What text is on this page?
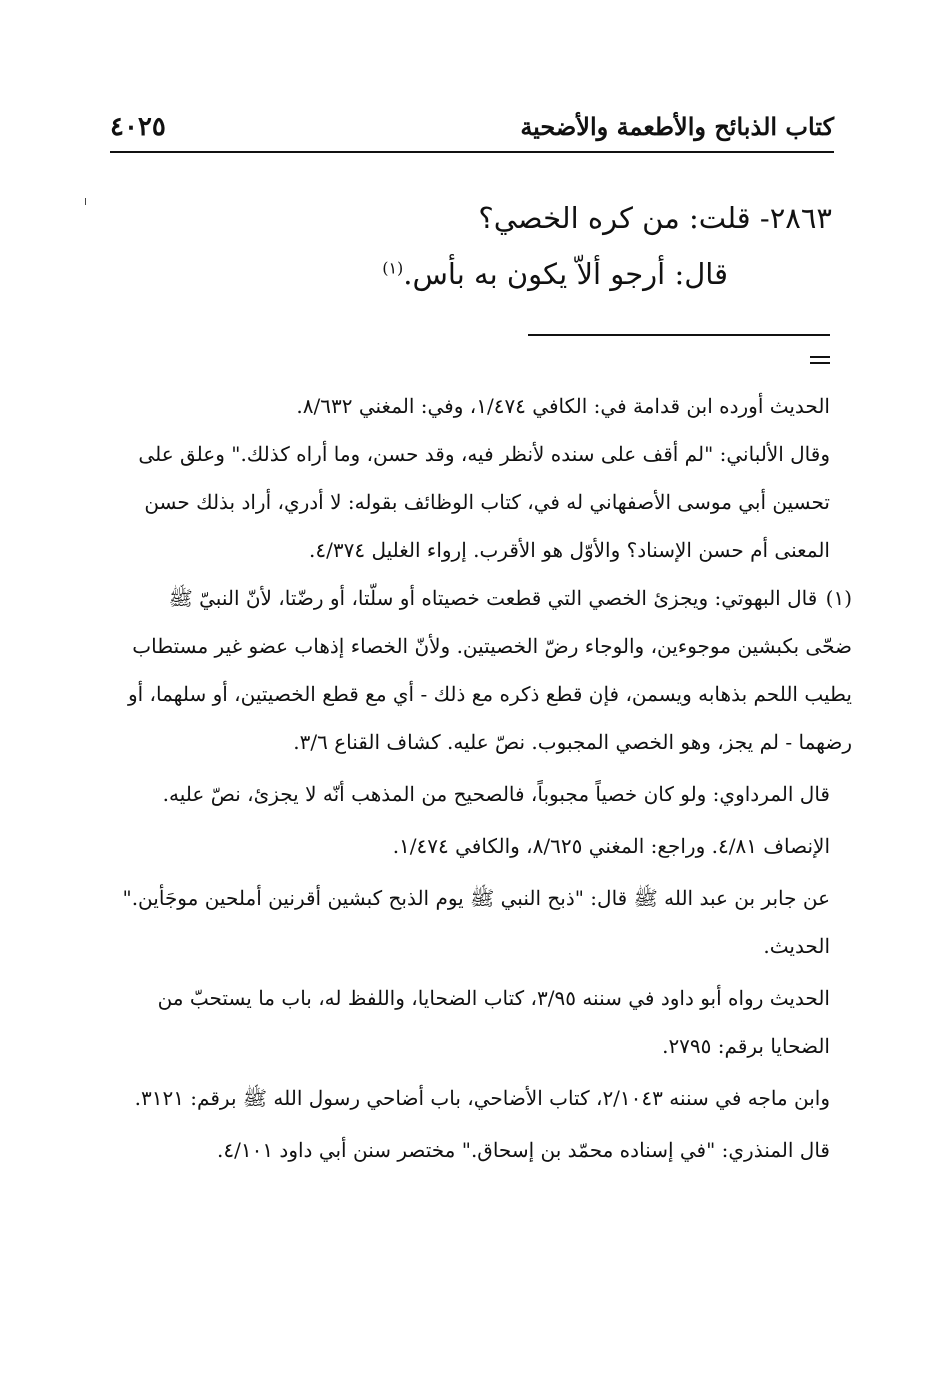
كتاب الذبائح والأطعمة والأضحية
٤٠٢٥
٢٨٦٣- قلت: من كره الخصي؟
قال: أرجو ألاّ يكون به بأس.$^{(١)}$

الحديث أورده ابن قدامة في: الكافي ١/٤٧٤، وفي: المغني ٨/٦٣٢.

وقال الألباني: "لم أقف على سنده لأنظر فيه، وقد حسن، وما أراه كذلك." وعلق على تحسين أبي موسى الأصفهاني له في، كتاب الوظائف بقوله: لا أدري، أراد بذلك حسن المعنى أم حسن الإسناد؟ والأوّل هو الأقرب. إرواء الغليل ٤/٣٧٤.

(١) قال البهوتي: ويجزئ الخصي التي قطعت خصيتاه أو سلّتا، أو رضّتا، لأنّ النبيّ ﷺ ضحّى بكبشين موجوءين، والوجاء رضّ الخصيتين. ولأنّ الخصاء إذهاب عضو غير مستطاب يطيب اللحم بذهابه ويسمن، فإن قطع ذكره مع ذلك - أي مع قطع الخصيتين، أو سلهما، أو رضهما - لم يجز، وهو الخصي المجبوب. نصّ عليه. كشاف القناع ٣/٦.

قال المرداوي: ولو كان خصياً مجبوباً، فالصحيح من المذهب أنّه لا يجزئ، نصّ عليه.

الإنصاف ٤/٨١. وراجع: المغني ٨/٦٢٥، والكافي ١/٤٧٤.

عن جابر بن عبد الله ﷺ قال: "ذبح النبي ﷺ يوم الذبح كبشين أقرنين أملحين موجَأين." الحديث.

الحديث رواه أبو داود في سننه ٣/٩٥، كتاب الضحايا، واللفظ له، باب ما يستحبّ من الضحايا برقم: ٢٧٩٥.

وابن ماجه في سننه ٢/١٠٤٣، كتاب الأضاحي، باب أضاحي رسول الله ﷺ برقم: ٣١٢١.

قال المنذري: "في إسناده محمّد بن إسحاق." مختصر سنن أبي داود ٤/١٠١.
